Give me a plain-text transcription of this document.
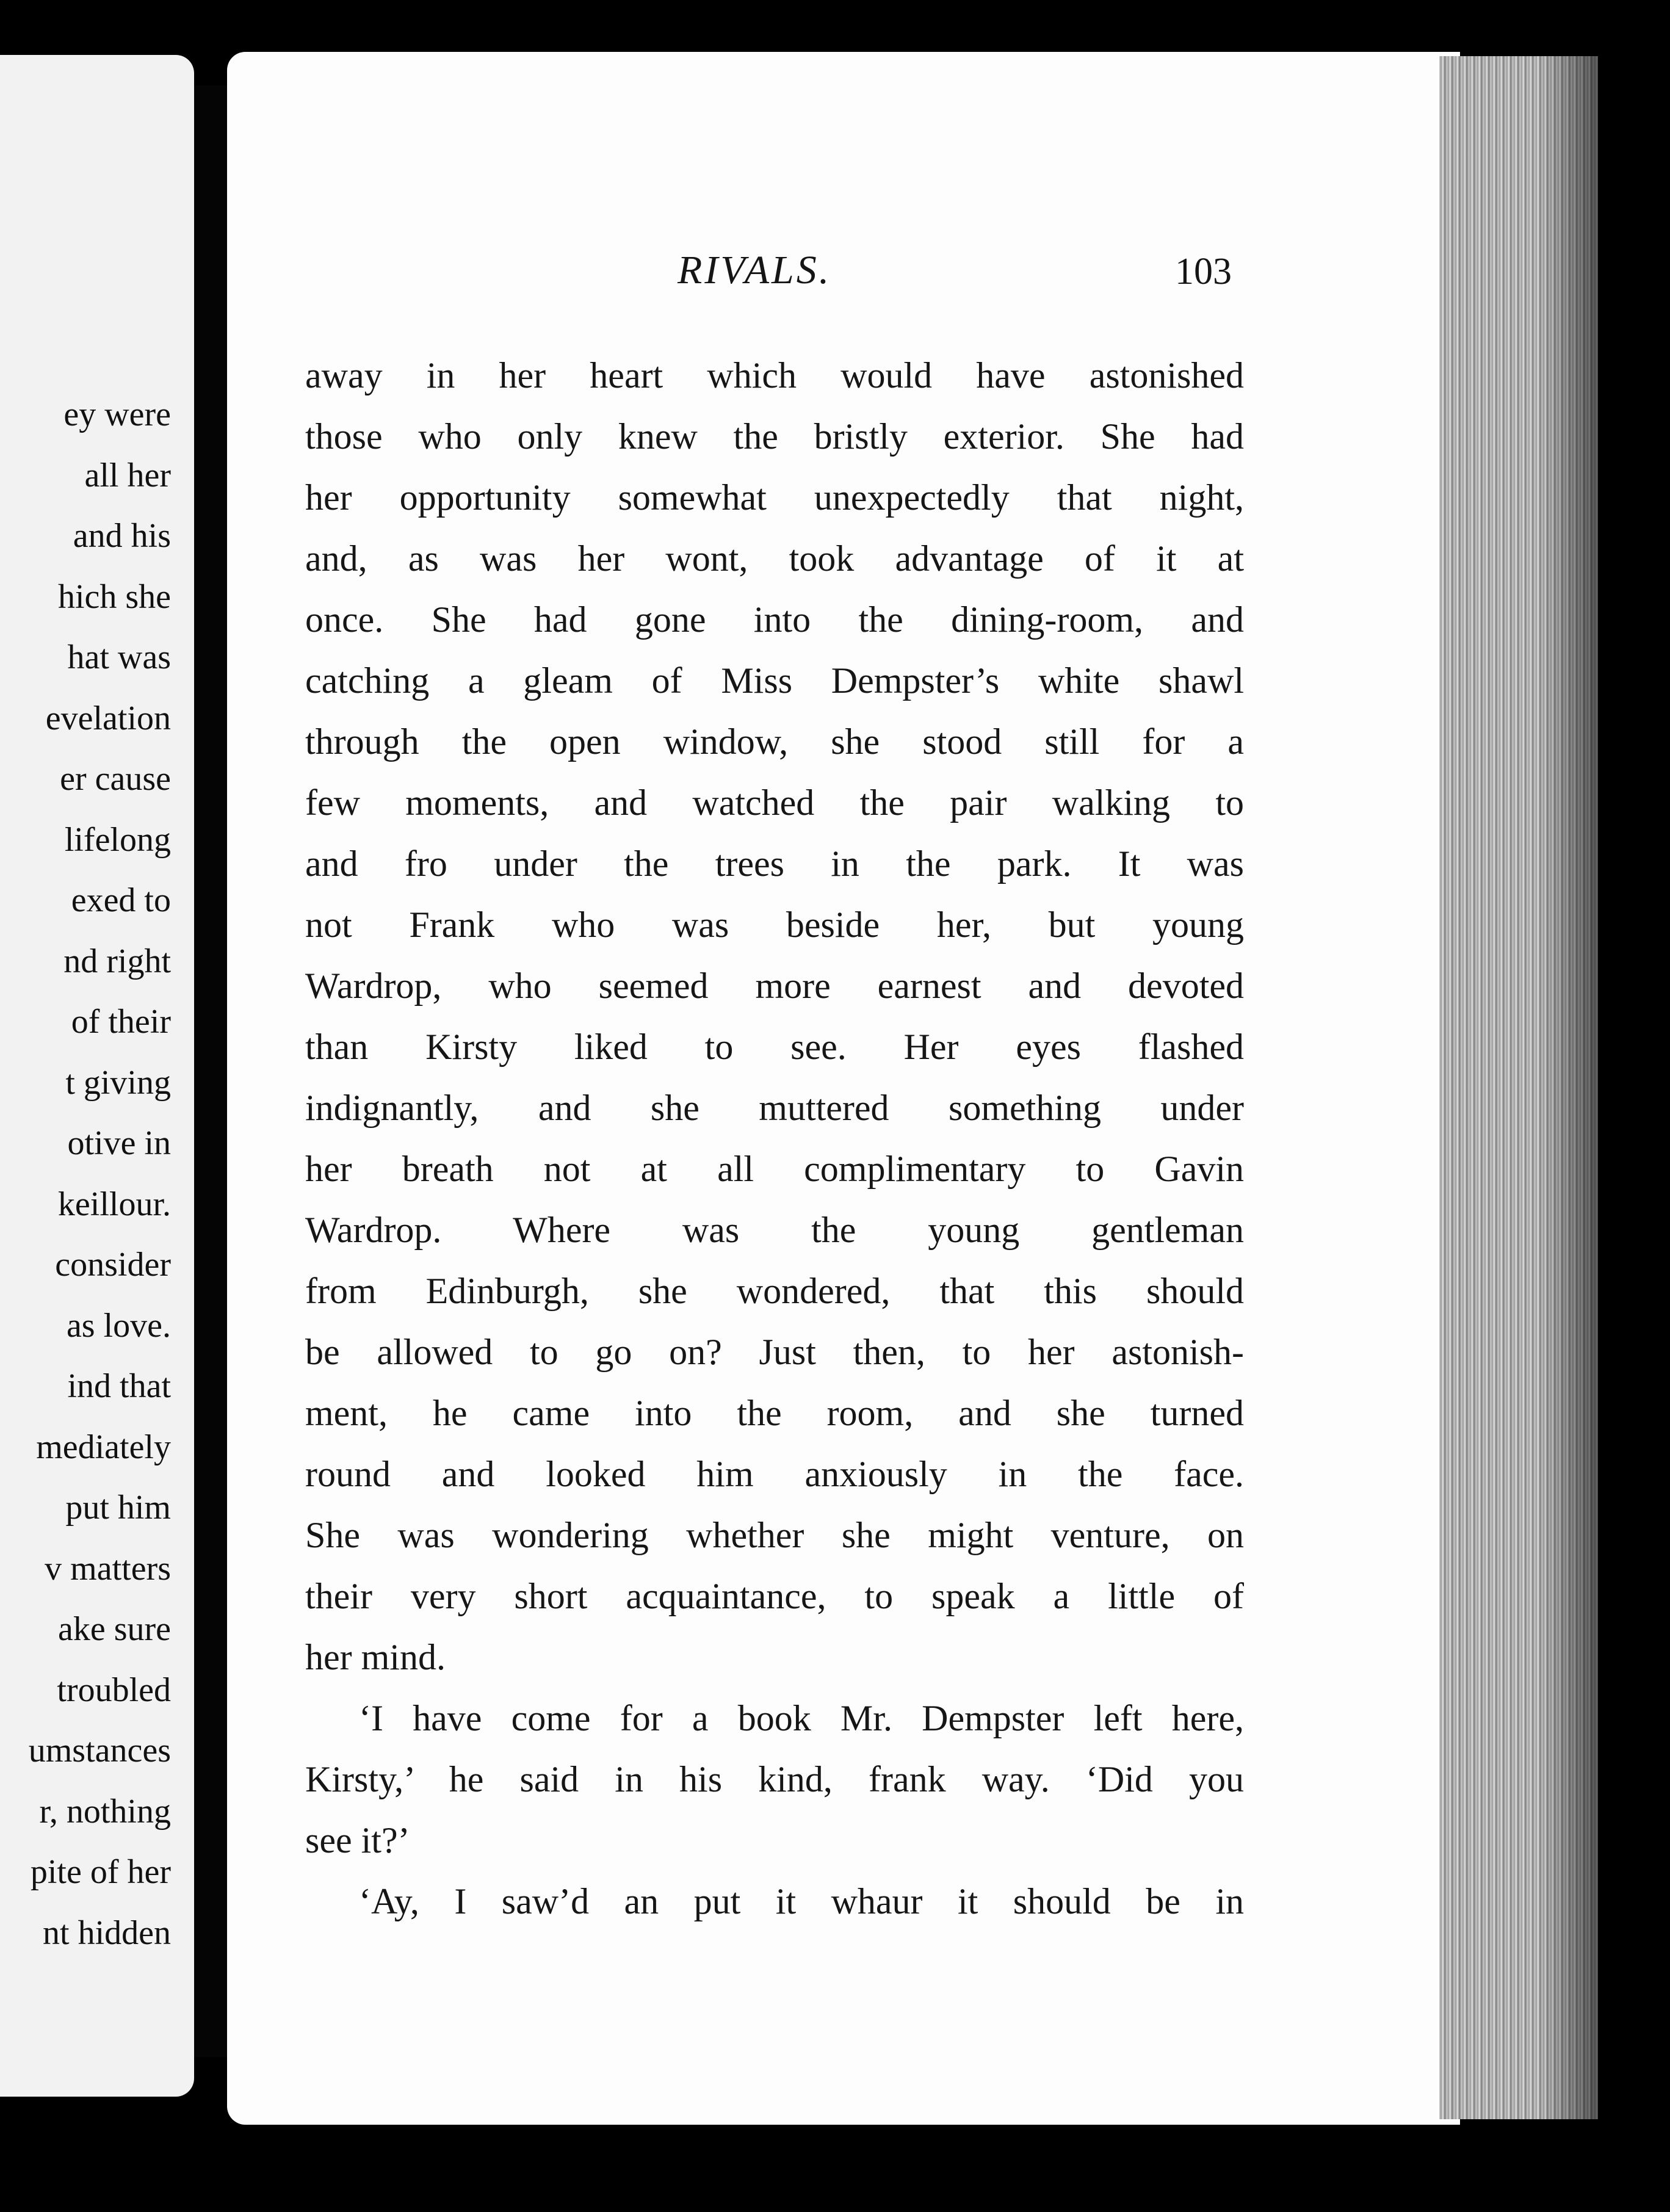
ey were
all her
and his
hich she
hat was
evelation
er cause
lifelong
exed to
nd right
of their
t giving
otive in
keillour.
consider
as love.
ind that
mediately
put him
v matters
ake sure
troubled
umstances
r, nothing
pite of her
nt hidden
RIVALS.	103
away in her heart which would have astonished
those who only knew the bristly exterior. She had
her opportunity somewhat unexpectedly that night,
and, as was her wont, took advantage of it at
once. She had gone into the dining-room, and
catching a gleam of Miss Dempster’s white shawl
through the open window, she stood still for a
few moments, and watched the pair walking to
and fro under the trees in the park. It was
not Frank who was beside her, but young
Wardrop, who seemed more earnest and devoted
than Kirsty liked to see. Her eyes flashed
indignantly, and she muttered something under
her breath not at all complimentary to Gavin
Wardrop. Where was the young gentleman
from Edinburgh, she wondered, that this should
be allowed to go on? Just then, to her astonish-
ment, he came into the room, and she turned
round and looked him anxiously in the face.
She was wondering whether she might venture, on
their very short acquaintance, to speak a little of
her mind.
‘I have come for a book Mr. Dempster left here,
Kirsty,’ he said in his kind, frank way. ‘Did you
see it?’
‘Ay, I saw’d an put it whaur it should be in
